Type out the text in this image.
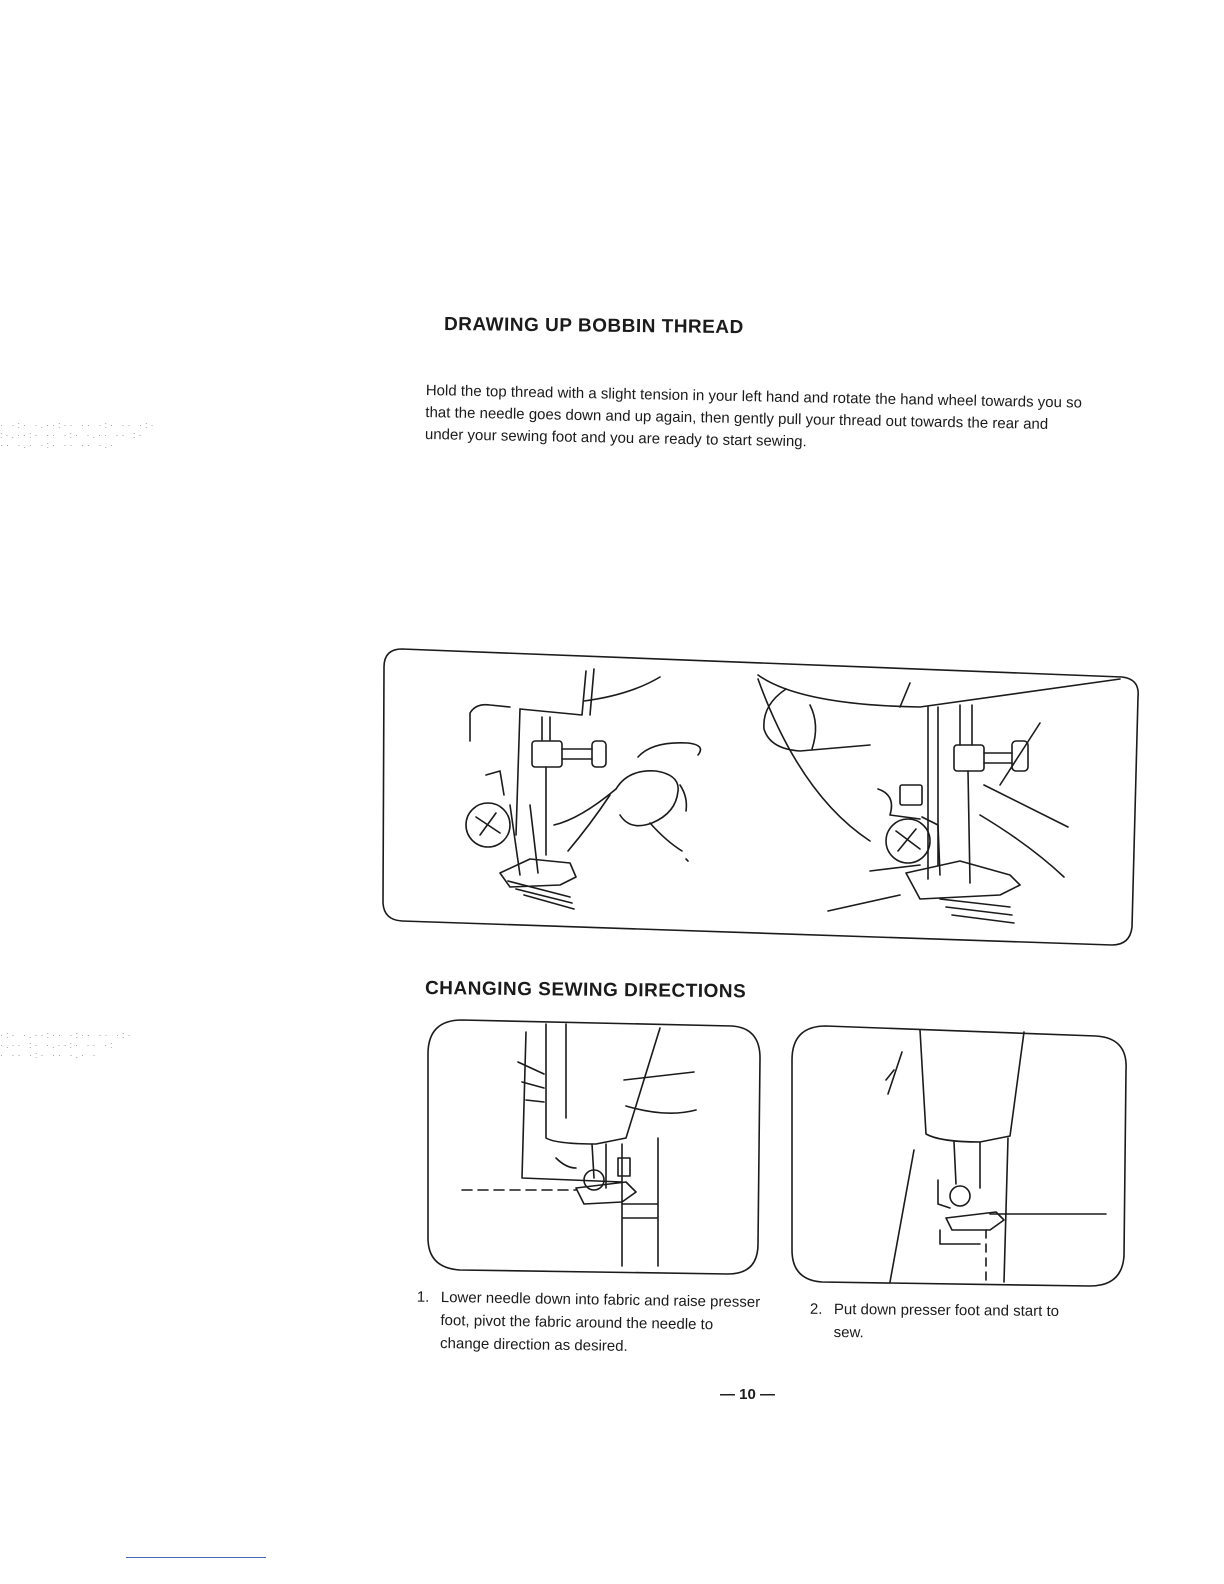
· ·:· ·.··:·· ·· ·:· ·· ·:·
:·.··:· ·· ·:· ·.·· ·· :·
·· ·.· ·:· ·· ·· ·.·
·:· ·.··:·· ·:·· ·· ·:·
·.·· :· ·.··:· ·· ·:
· ·· ·:· ·· ·.· ·
DRAWING UP BOBBIN THREAD

Hold the top thread with a slight tension in your left hand and rotate the hand wheel towards you so that the needle goes down and up again, then gently pull your thread out towards the rear and under your sewing foot and you are ready to start sewing.

CHANGING SEWING DIRECTIONS

1. Lower needle down into fabric and raise presser foot, pivot the fabric around the needle to change direction as desired.

2. Put down presser foot and start to sew.

— 10 —
